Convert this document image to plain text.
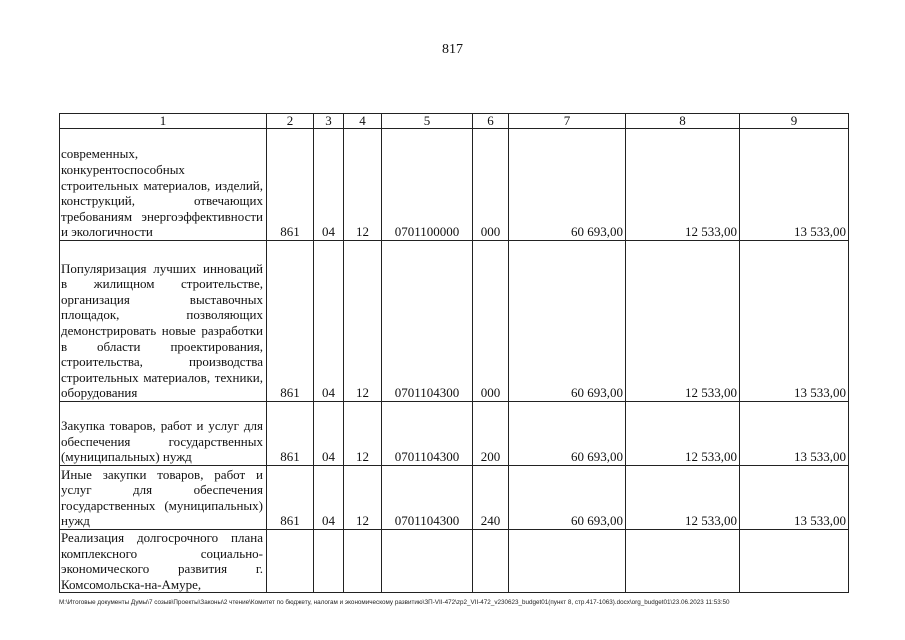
817
1	2	3	4	5	6	7	8	9
современных, конкурентоспособных строительных материалов, изделий, конструкций, отвечающих требованиям энергоэффективности и экологичности	861	04	12	0701100000	000	60 693,00	12 533,00	13 533,00
Популяризация лучших инноваций в жилищном строительстве, организация выставочных площадок, позволяющих демонстрировать новые разработки в области проектирования, строительства, производства строительных материалов, техники, оборудования	861	04	12	0701104300	000	60 693,00	12 533,00	13 533,00
Закупка товаров, работ и услуг для обеспечения государственных (муниципальных) нужд	861	04	12	0701104300	200	60 693,00	12 533,00	13 533,00
Иные закупки товаров, работ и услуг для обеспечения государственных (муниципальных) нужд	861	04	12	0701104300	240	60 693,00	12 533,00	13 533,00
Реализация долгосрочного плана комплексного социально-экономического развития г. Комсомольска-на-Амуре,								
M:\Итоговые документы Думы\7 созыв\Проекты\Законы\2 чтение\Комитет по бюджету, налогам и экономическому развитию\ЗП-VII-472\zp2_VII-472_v230623_budget01(пункт 8, стр.417-1063).docx\org_budget01\23.06.2023 11:53:50
